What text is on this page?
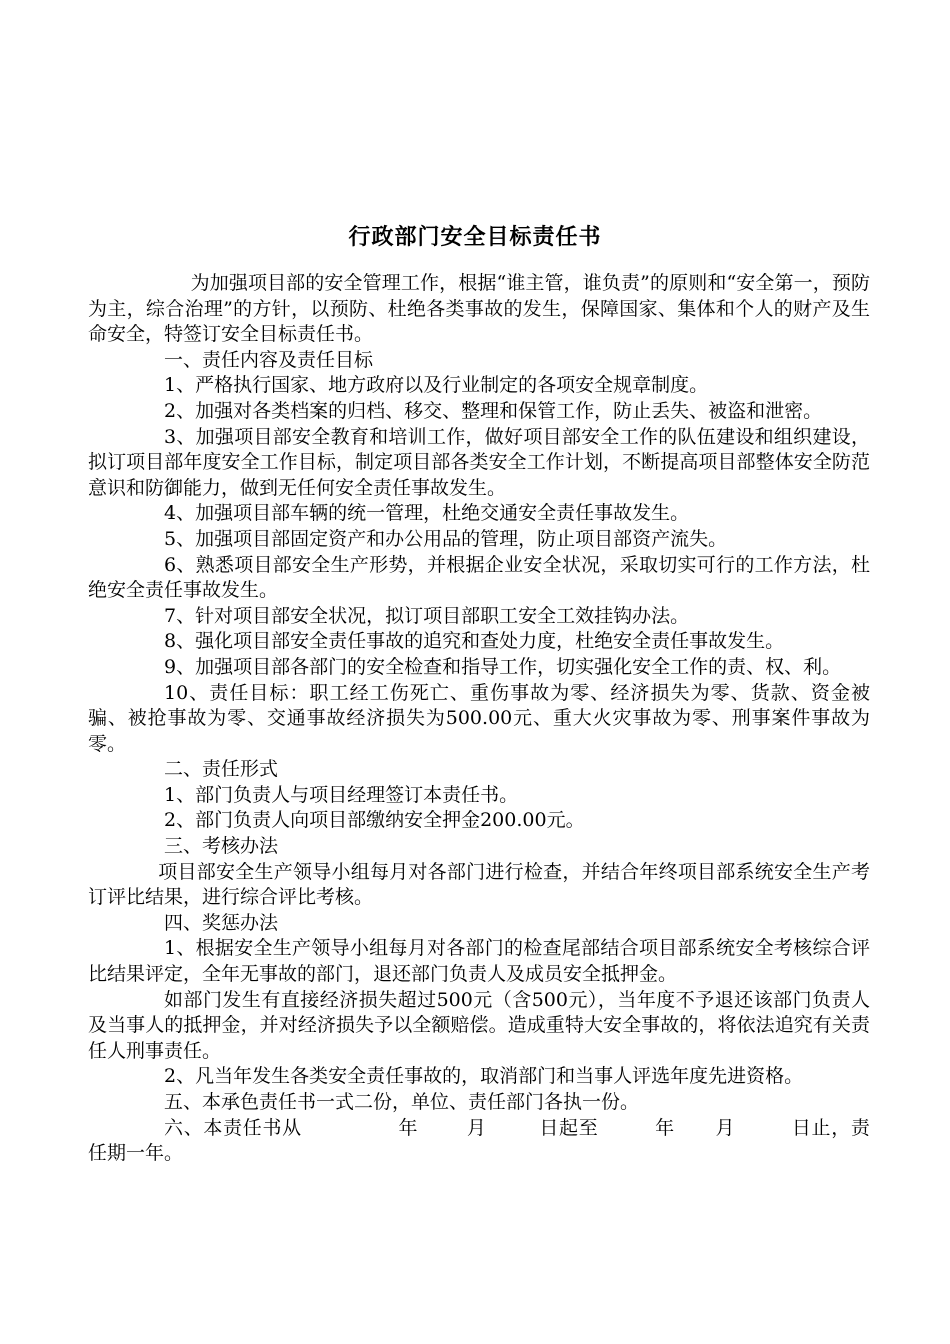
行政部门安全目标责任书

为加强项目部的安全管理工作，根据“谁主管，谁负责”的原则和“安全第一，预防为主，综合治理”的方针，以预防、杜绝各类事故的发生，保障国家、集体和个人的财产及生命安全，特签订安全目标责任书。

一、责任内容及责任目标

1、严格执行国家、地方政府以及行业制定的各项安全规章制度。

2、加强对各类档案的归档、移交、整理和保管工作，防止丢失、被盗和泄密。

3、加强项目部安全教育和培训工作，做好项目部安全工作的队伍建设和组织建设，拟订项目部年度安全工作目标，制定项目部各类安全工作计划，不断提高项目部整体安全防范意识和防御能力，做到无任何安全责任事故发生。

4、加强项目部车辆的统一管理，杜绝交通安全责任事故发生。

5、加强项目部固定资产和办公用品的管理，防止项目部资产流失。

6、熟悉项目部安全生产形势，并根据企业安全状况，采取切实可行的工作方法，杜绝安全责任事故发生。

7、针对项目部安全状况，拟订项目部职工安全工效挂钩办法。

8、强化项目部安全责任事故的追究和查处力度，杜绝安全责任事故发生。

9、加强项目部各部门的安全检查和指导工作，切实强化安全工作的责、权、利。

10、责任目标：职工经工伤死亡、重伤事故为零、经济损失为零、货款、资金被骗、被抢事故为零、交通事故经济损失为500.00元、重大火灾事故为零、刑事案件事故为零。

二、责任形式

1、部门负责人与项目经理签订本责任书。

2、部门负责人向项目部缴纳安全押金200.00元。

三、考核办法

项目部安全生产领导小组每月对各部门进行检查，并结合年终项目部系统安全生产考订评比结果，进行综合评比考核。

四、奖惩办法

1、根据安全生产领导小组每月对各部门的检查尾部结合项目部系统安全考核综合评比结果评定，全年无事故的部门，退还部门负责人及成员安全抵押金。

如部门发生有直接经济损失超过500元（含500元），当年度不予退还该部门负责人及当事人的抵押金，并对经济损失予以全额赔偿。造成重特大安全事故的，将依法追究有关责任人刑事责任。

2、凡当年发生各类安全责任事故的，取消部门和当事人评选年度先进资格。

五、本承色责任书一式二份，单位、责任部门各执一份。

六、本责任书从	年	月	日起至	年 月	日止，责任期一年。
